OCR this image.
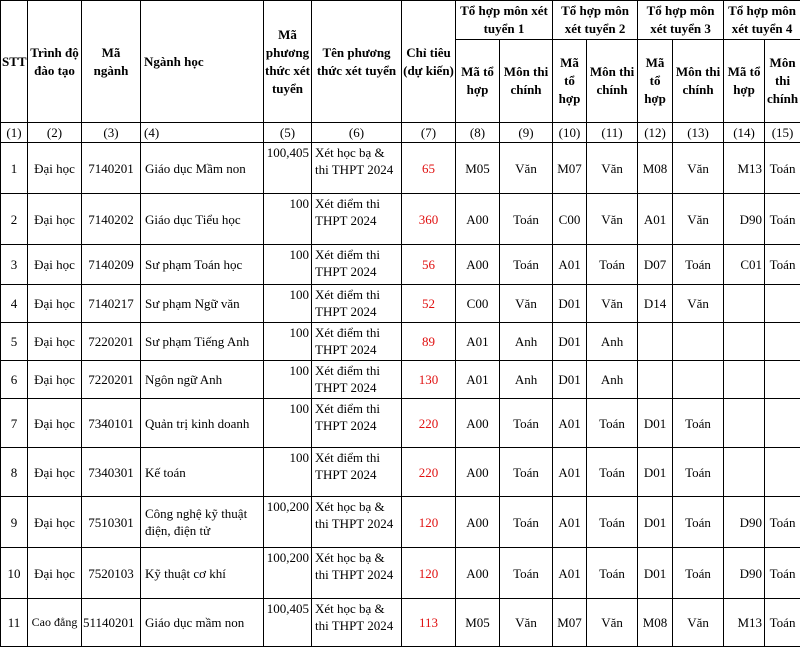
STT	Trình độ đào tạo	Mã ngành	Ngành học	Mã phương thức xét tuyển	Tên phương thức xét tuyển	Chỉ tiêu (dự kiến)	Tổ hợp môn xét tuyển 1		Tổ hợp môn xét tuyển 2		Tổ hợp môn xét tuyển 3		Tổ hợp môn xét tuyển 4	
							Mã tổ hợp	Môn thi chính	Mã tổ hợp	Môn thi chính	Mã tổ hợp	Môn thi chính	Mã tổ hợp	Môn thi chính
(1)	(2)	(3)	(4)	(5)	(6)	(7)	(8)	(9)	(10)	(11)	(12)	(13)	(14)	(15)
1	Đại học	7140201	Giáo dục Mầm non	100,405	Xét học bạ & thi THPT 2024	65	M05	Văn	M07	Văn	M08	Văn	M13	Toán
2	Đại học	7140202	Giáo dục Tiểu học	100	Xét điểm thi THPT 2024	360	A00	Toán	C00	Văn	A01	Văn	D90	Toán
3	Đại học	7140209	Sư phạm Toán học	100	Xét điểm thi THPT 2024	56	A00	Toán	A01	Toán	D07	Toán	C01	Toán
4	Đại học	7140217	Sư phạm Ngữ văn	100	Xét điểm thi THPT 2024	52	C00	Văn	D01	Văn	D14	Văn		
5	Đại học	7220201	Sư phạm Tiếng Anh	100	Xét điểm thi THPT 2024	89	A01	Anh	D01	Anh				
6	Đại học	7220201	Ngôn ngữ Anh	100	Xét điểm thi THPT 2024	130	A01	Anh	D01	Anh				
7	Đại học	7340101	Quản trị kinh doanh	100	Xét điểm thi THPT 2024	220	A00	Toán	A01	Toán	D01	Toán		
8	Đại học	7340301	Kế toán	100	Xét điểm thi THPT 2024	220	A00	Toán	A01	Toán	D01	Toán		
9	Đại học	7510301	Công nghệ kỹ thuật điện, điện tử	100,200	Xét học bạ & thi THPT 2024	120	A00	Toán	A01	Toán	D01	Toán	D90	Toán
10	Đại học	7520103	Kỹ thuật cơ khí	100,200	Xét học bạ & thi THPT 2024	120	A00	Toán	A01	Toán	D01	Toán	D90	Toán
11	Cao đẳng	51140201	Giáo dục mầm non	100,405	Xét học bạ & thi THPT 2024	113	M05	Văn	M07	Văn	M08	Văn	M13	Toán
